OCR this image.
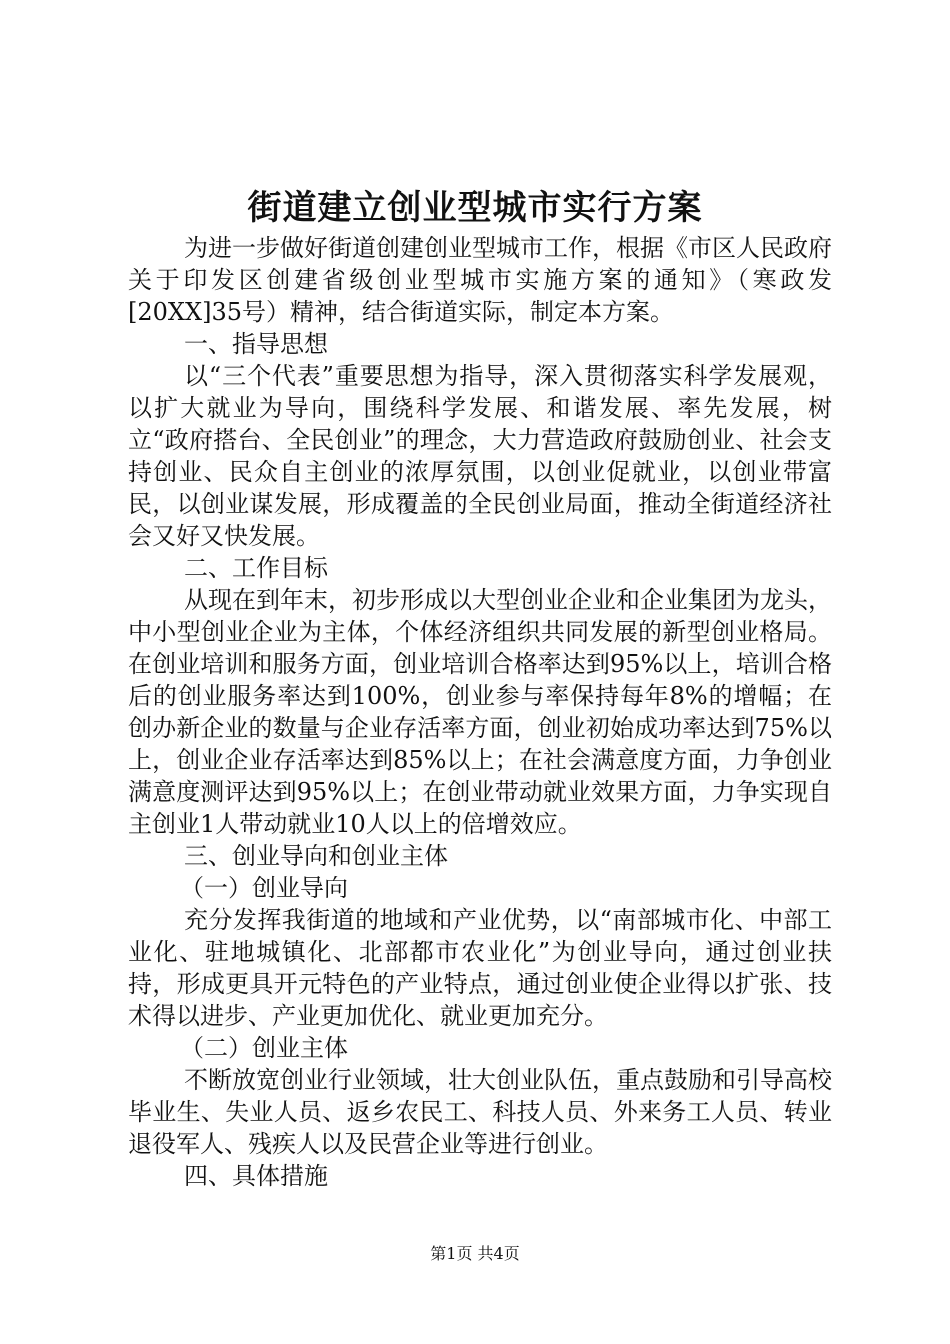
街道建立创业型城市实行方案

为进一步做好街道创建创业型城市工作，根据《市区人民政府关于印发区创建省级创业型城市实施方案的通知》（寒政发[20XX]35号）精神，结合街道实际，制定本方案。

一、指导思想

以“三个代表”重要思想为指导，深入贯彻落实科学发展观，以扩大就业为导向，围绕科学发展、和谐发展、率先发展，树立“政府搭台、全民创业”的理念，大力营造政府鼓励创业、社会支持创业、民众自主创业的浓厚氛围，以创业促就业，以创业带富民，以创业谋发展，形成覆盖的全民创业局面，推动全街道经济社会又好又快发展。

二、工作目标

从现在到年末，初步形成以大型创业企业和企业集团为龙头，中小型创业企业为主体，个体经济组织共同发展的新型创业格局。在创业培训和服务方面，创业培训合格率达到95%以上，培训合格后的创业服务率达到100%，创业参与率保持每年8%的增幅；在创办新企业的数量与企业存活率方面，创业初始成功率达到75%以上，创业企业存活率达到85%以上；在社会满意度方面，力争创业满意度测评达到95%以上；在创业带动就业效果方面，力争实现自主创业1人带动就业10人以上的倍增效应。

三、创业导向和创业主体

（一）创业导向

充分发挥我街道的地域和产业优势，以“南部城市化、中部工业化、驻地城镇化、北部都市农业化”为创业导向，通过创业扶持，形成更具开元特色的产业特点，通过创业使企业得以扩张、技术得以进步、产业更加优化、就业更加充分。

（二）创业主体

不断放宽创业行业领域，壮大创业队伍，重点鼓励和引导高校毕业生、失业人员、返乡农民工、科技人员、外来务工人员、转业退役军人、残疾人以及民营企业等进行创业。

四、具体措施

第1页 共4页
